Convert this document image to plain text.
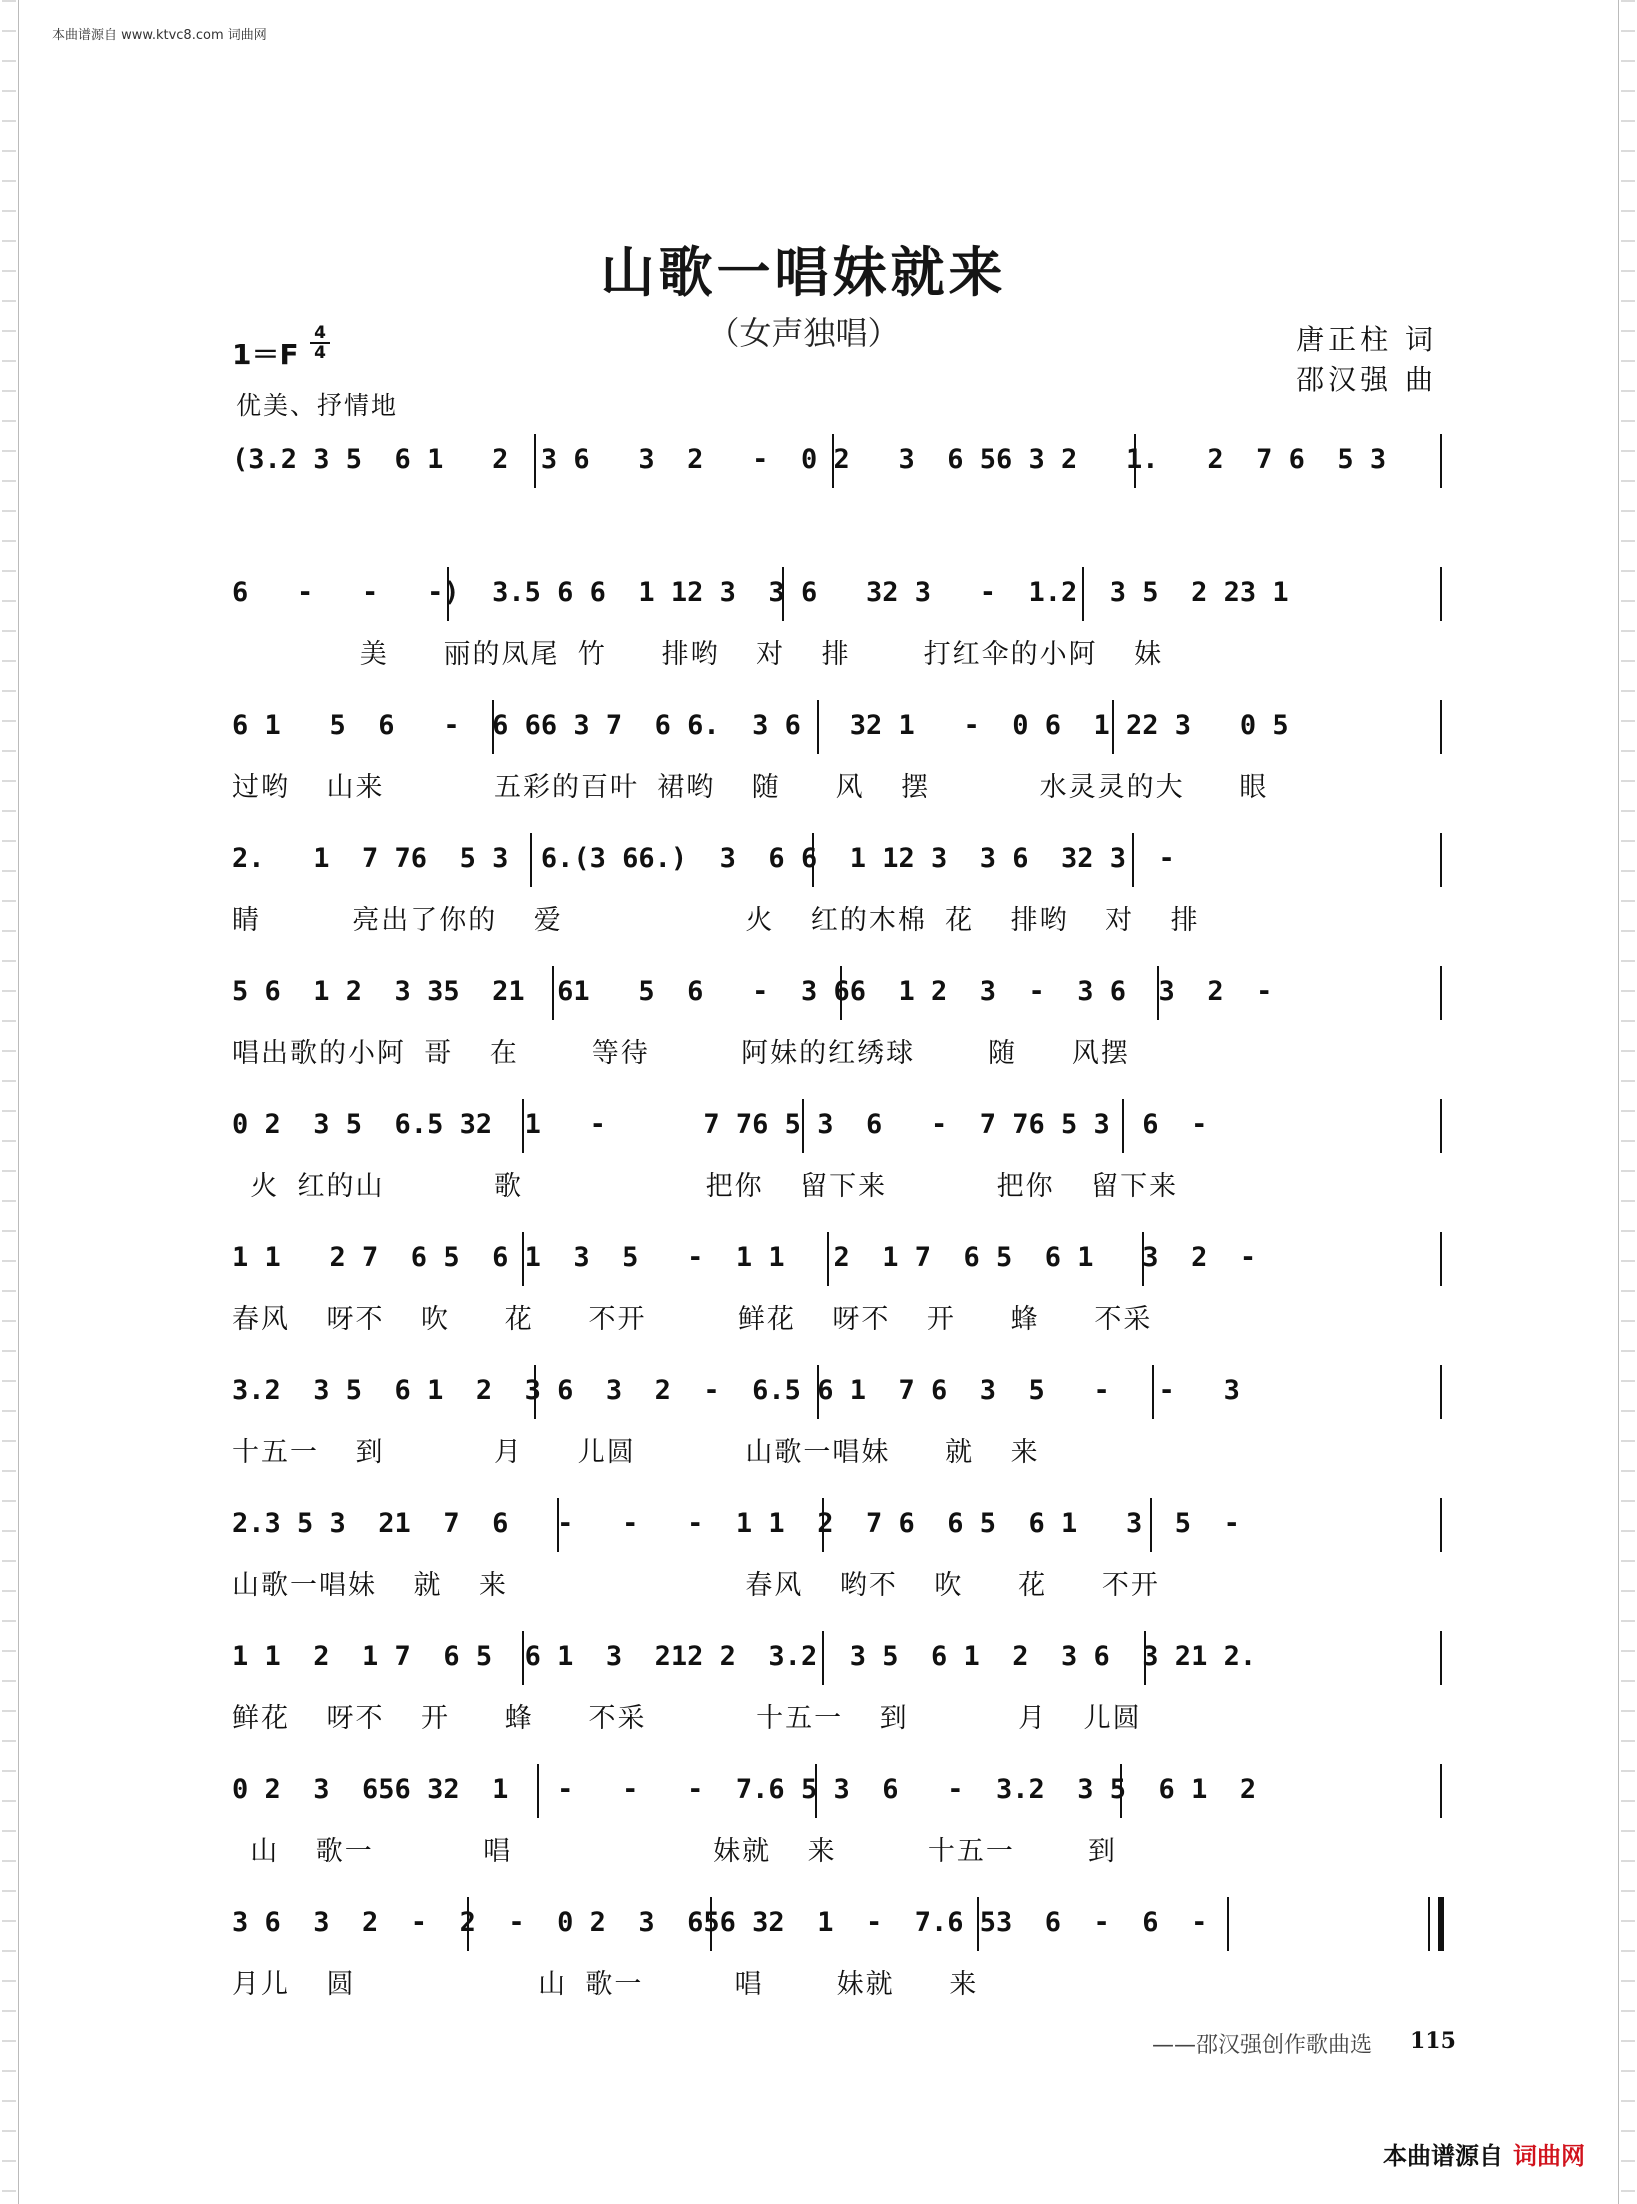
本曲谱源自 www.ktvc8.com 词曲网
山歌一唱妹就来
（女声独唱）	唐正柱 词
邵汉强 曲
1＝F
4
4
优美、抒情地
(3.2 3 5  6 1   2  3 6   3  2   -  0 2   3  6 56 3 2   1.   2  7 6  5 3
6   -   -   -)  3.5 6 6  1 12 3  3 6   32 3   -  1.2  3 5  2 23 1
美   丽的凤尾 竹   排哟  对  排    打红伞的小阿  妹
6 1   5  6   -  6 66 3 7  6 6.  3 6   32 1   -  0 6  1 22 3   0 5
过哟  山来      五彩的百叶 裙哟  随   风  摆      水灵灵的大   眼
2.   1  7 76  5 3  6.(3 66.)  3  6 6  1 12 3  3 6  32 3  -
睛     亮出了你的  爱          火  红的木棉 花  排哟  对  排
5 6  1 2  3 35  21  61   5  6   -  3 66  1 2  3  -  3 6  3  2  -
唱出歌的小阿 哥  在    等待     阿妹的红绣球    随   风摆
0 2  3 5  6.5 32  1   -      7 76 5 3  6   -  7 76 5 3  6  -
火 红的山      歌          把你  留下来      把你  留下来
1 1   2 7  6 5  6 1  3  5   -  1 1   2  1 7  6 5  6 1   3  2  -
春风  呀不  吹   花   不开     鲜花  呀不  开   蜂   不采
3.2  3 5  6 1  2  3 6  3  2  -  6.5 6 1  7 6  3  5   -   -   3
十五一  到      月   儿圆      山歌一唱妹   就  来
2.3 5 3  21  7  6   -   -   -  1 1  2  7 6  6 5  6 1   3  5  -
山歌一唱妹  就  来             春风  哟不  吹   花   不开
1 1  2  1 7  6 5  6 1  3  212 2  3.2  3 5  6 1  2  3 6  3 21 2.
鲜花  呀不  开   蜂   不采      十五一  到      月  儿圆
0 2  3  656 32  1   -   -   -  7.6 5 3  6   -  3.2  3 5  6 1  2
山  歌一      唱           妹就  来     十五一    到
3 6  3  2  -  2  -  0 2  3  656 32  1  -  7.6 53  6  -  6  -
月儿  圆          山 歌一     唱    妹就   来
——邵汉强创作歌曲选 115
本曲谱源自 词曲网
